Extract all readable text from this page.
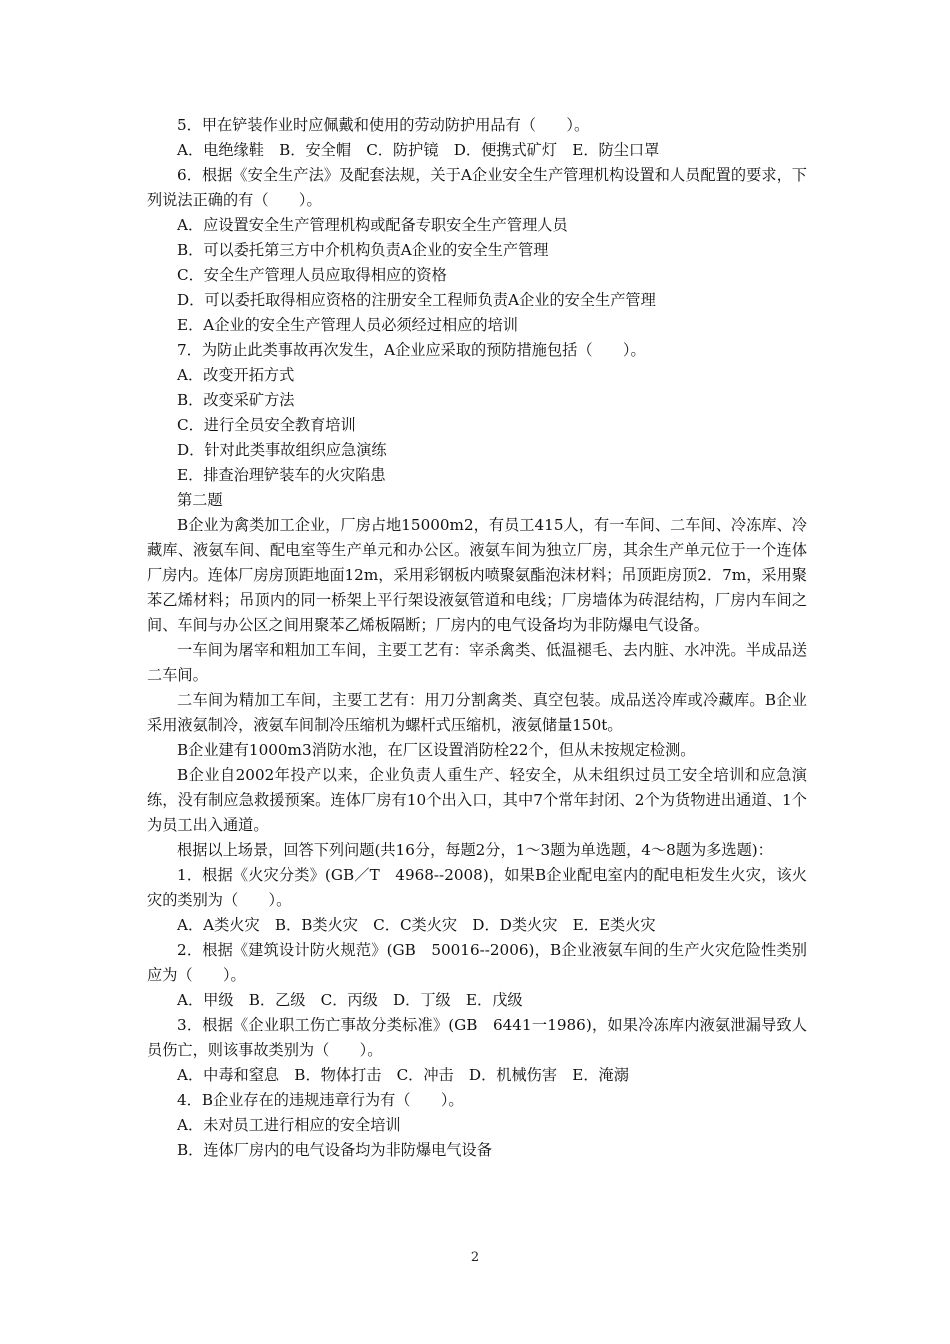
5．甲在铲装作业时应佩戴和使用的劳动防护用品有（　　）。

A．电绝缘鞋　B．安全帽　C．防护镜　D．便携式矿灯　E．防尘口罩

6．根据《安全生产法》及配套法规，关于A企业安全生产管理机构设置和人员配置的要求，下列说法正确的有（　　）。

A．应设置安全生产管理机构或配备专职安全生产管理人员

B．可以委托第三方中介机构负责A企业的安全生产管理

C．安全生产管理人员应取得相应的资格

D．可以委托取得相应资格的注册安全工程师负责A企业的安全生产管理

E．A企业的安全生产管理人员必须经过相应的培训

7．为防止此类事故再次发生，A企业应采取的预防措施包括（　　）。

A．改变开拓方式

B．改变采矿方法

C．进行全员安全教育培训

D．针对此类事故组织应急演练

E．排查治理铲装车的火灾陷患

第二题

B企业为禽类加工企业，厂房占地15000m2，有员工415人，有一车间、二车间、冷冻库、冷藏库、液氨车间、配电室等生产单元和办公区。液氨车间为独立厂房，其余生产单元位于一个连体厂房内。连体厂房房顶距地面12m，采用彩钢板内喷聚氨酯泡沫材料；吊顶距房顶2．7m，采用聚苯乙烯材料；吊顶内的同一桥架上平行架设液氨管道和电线；厂房墙体为砖混结构，厂房内车间之间、车间与办公区之间用聚苯乙烯板隔断；厂房内的电气设备均为非防爆电气设备。

一车间为屠宰和粗加工车间，主要工艺有：宰杀禽类、低温褪毛、去内脏、水冲洗。半成品送二车间。

二车间为精加工车间，主要工艺有：用刀分割禽类、真空包装。成品送冷库或冷藏库。B企业采用液氨制冷，液氨车间制冷压缩机为螺杆式压缩机，液氨储量150t。

B企业建有1000m3消防水池，在厂区设置消防栓22个，但从未按规定检测。

B企业自2002年投产以来，企业负责人重生产、轻安全，从未组织过员工安全培训和应急演练，没有制应急救援预案。连体厂房有10个出入口，其中7个常年封闭、2个为货物进出通道、1个为员工出入通道。

根据以上场景，回答下列问题(共16分，每题2分，1～3题为单选题，4～8题为多选题)：

1．根据《火灾分类》(GB／T　4968--2008)，如果B企业配电室内的配电柜发生火灾，该火灾的类别为（　　）。

A．A类火灾　B．B类火灾　C．C类火灾　D．D类火灾　E．E类火灾

2．根据《建筑设计防火规范》(GB　50016--2006)，B企业液氨车间的生产火灾危险性类别应为（　　）。

A．甲级　B．乙级　C．丙级　D．丁级　E．戊级

3．根据《企业职工伤亡事故分类标准》(GB　6441一1986)，如果冷冻库内液氨泄漏导致人员伤亡，则该事故类别为（　　）。

A．中毒和窒息　B．物体打击　C．冲击　D．机械伤害　E．淹溺

4．B企业存在的违规违章行为有（　　）。

A．未对员工进行相应的安全培训

B．连体厂房内的电气设备均为非防爆电气设备

2
